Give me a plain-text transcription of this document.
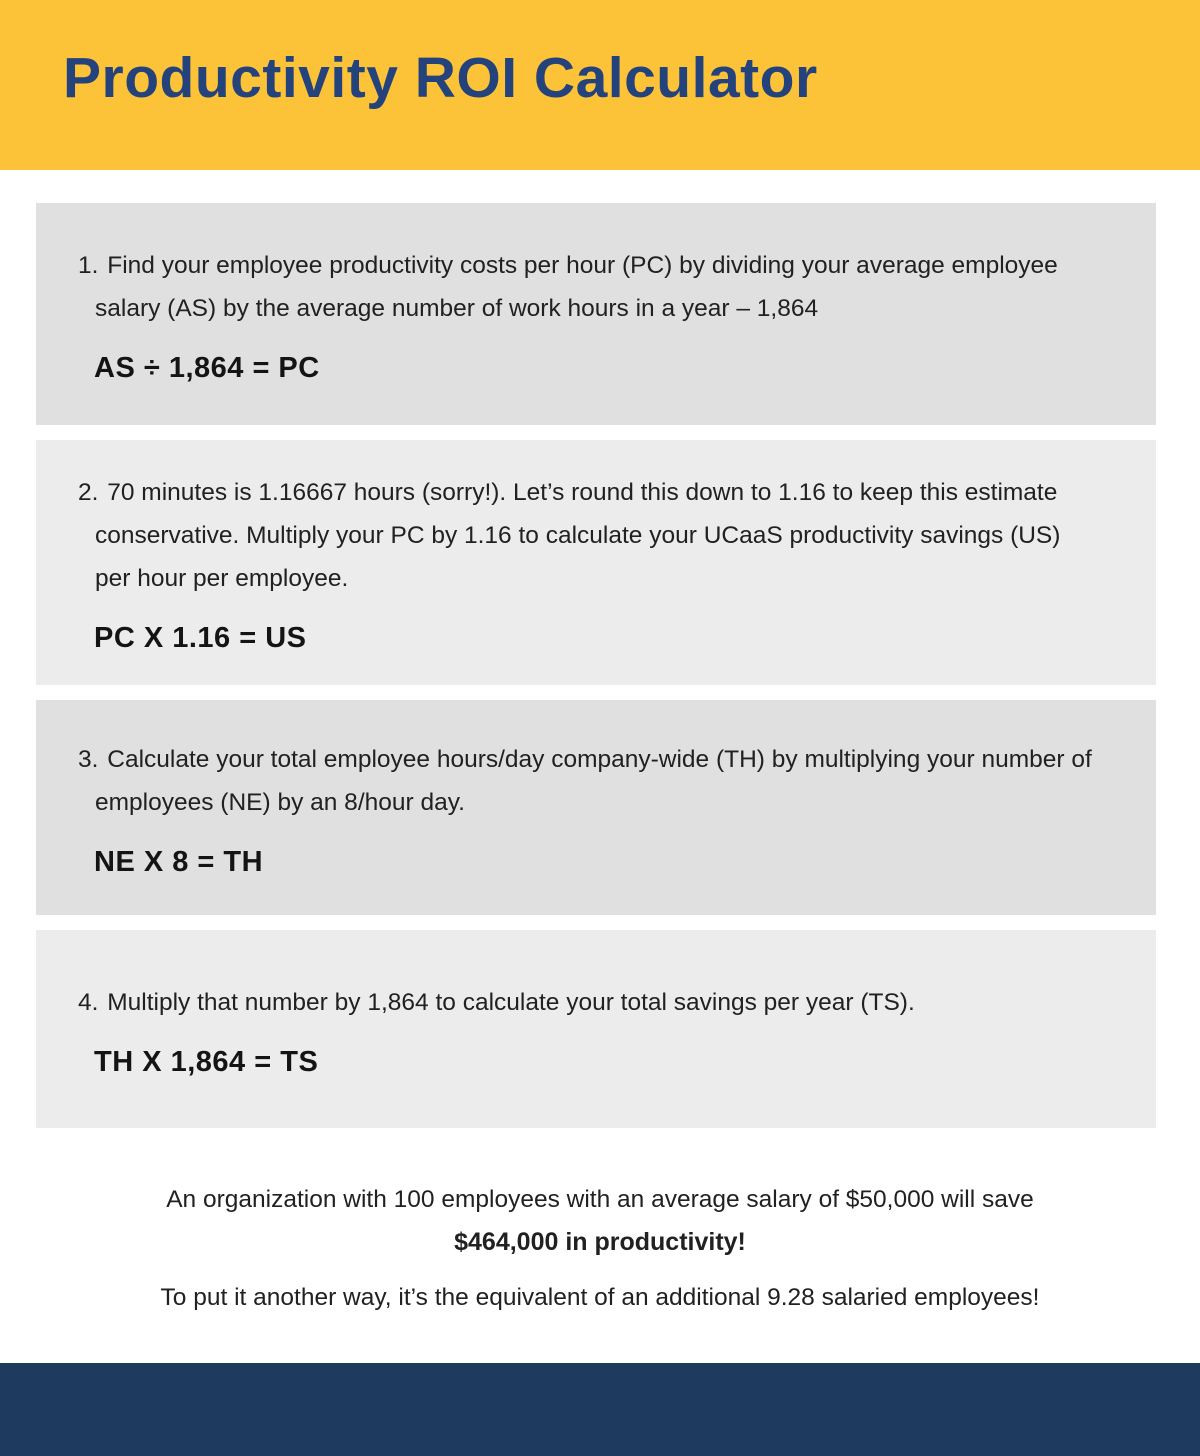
Productivity ROI Calculator

1. Find your employee productivity costs per hour (PC) by dividing your average employee salary (AS) by the average number of work hours in a year – 1,864

AS ÷ 1,864 = PC

2. 70 minutes is 1.16667 hours (sorry!). Let’s round this down to 1.16 to keep this estimate conservative. Multiply your PC by 1.16 to calculate your UCaaS productivity savings (US) per hour per employee.

PC X 1.16 = US

3. Calculate your total employee hours/day company-wide (TH) by multiplying your number of employees (NE) by an 8/hour day.

NE X 8 = TH

4. Multiply that number by 1,864 to calculate your total savings per year (TS).

TH X 1,864 = TS

An organization with 100 employees with an average salary of $50,000 will save

$464,000 in productivity!

To put it another way, it’s the equivalent of an additional 9.28 salaried employees!
